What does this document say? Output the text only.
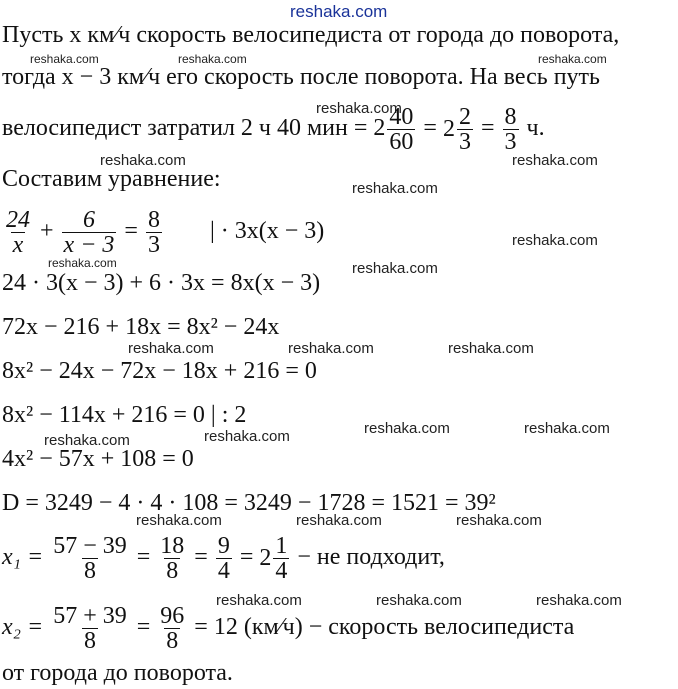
reshaka.com
reshaka.com	reshaka.com	reshaka.com
reshaka.com
reshaka.com	reshaka.com
reshaka.com
reshaka.com
reshaka.com
reshaka.com
reshaka.com	reshaka.com	reshaka.com
reshaka.com	reshaka.com	reshaka.com	reshaka.com
reshaka.com	reshaka.com	reshaka.com
reshaka.com	reshaka.com	reshaka.com
Пусть x км⁄ч скорость велосипедиста от города до поворота,
тогда x − 3 км⁄ч его скорость после поворота. На весь путь
велосипедист затратил 2 ч 40 мин = $2 \frac{40}{60} = 2 \frac{2}{3} = \frac{8}{3} ч$.
Составим уравнение:
$\frac{24}{x} + \frac{6}{x - 3} = \frac{8}{3}$ | · 3x(x − 3)
24 · 3(x − 3) + 6 · 3x = 8x(x − 3)
72x − 216 + 18x = 8x² − 24x
8x² − 24x − 72x − 18x + 216 = 0
8x² − 114x + 216 = 0 | : 2
4x² − 57x + 108 = 0
D = 3249 − 4 · 4 · 108 = 3249 − 1728 = 1521 = 39²
$x_1 = \frac{57 - 39}{8} = \frac{18}{8} = \frac{9}{4} = 2 \frac{1}{4}$ − не подходит,
$x_2 = \frac{57 + 39}{8} = \frac{96}{8} = 12$ (км⁄ч) − скорость велосипедиста
от города до поворота.
